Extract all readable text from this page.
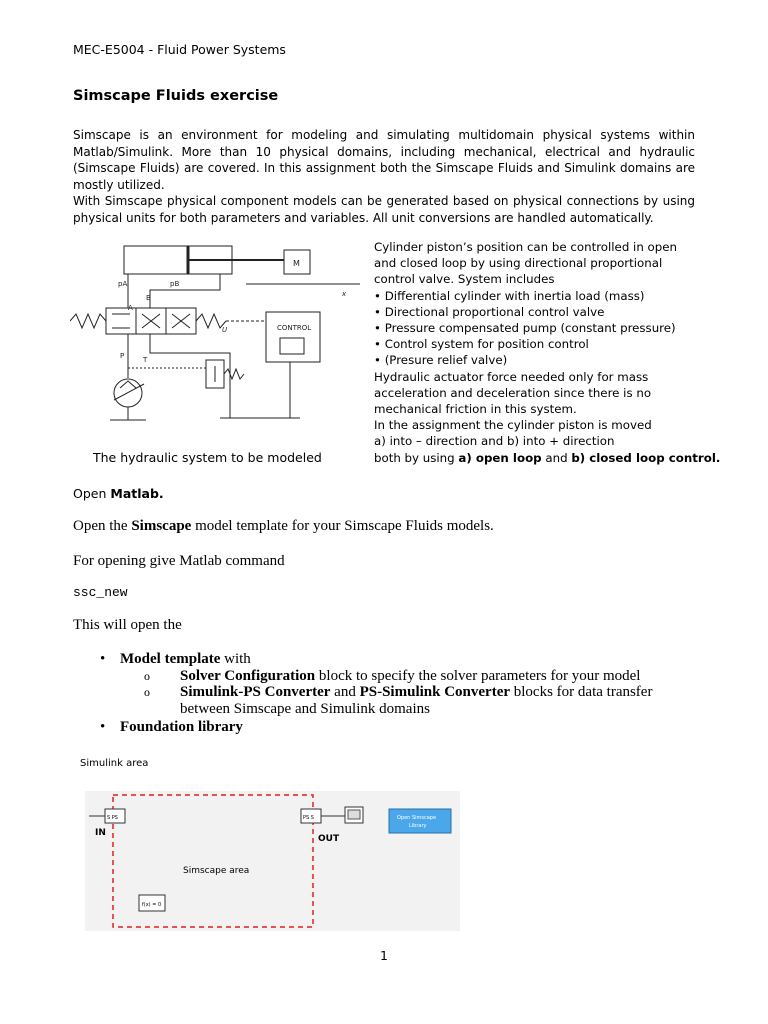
MEC-E5004 - Fluid Power Systems
Simscape Fluids exercise
Simscape is an environment for modeling and simulating multidomain physical systems within Matlab/Simulink. More than 10 physical domains, including mechanical, electrical and hydraulic (Simscape Fluids) are covered. In this assignment both the Simscape Fluids and Simulink domains are mostly utilized.
With Simscape physical component models can be generated based on physical connections by using physical units for both parameters and variables. All unit conversions are handled automatically.
M
pA	pB
x
A
B
U	CONTROL
P	T
The hydraulic system to be modeled
Cylinder piston’s position can be controlled in open
and closed loop by using directional proportional
control valve. System includes
• Differential cylinder with inertia load (mass)
• Directional proportional control valve
• Pressure compensated pump (constant pressure)
• Control system for position control
• (Presure relief valve)
Hydraulic actuator force needed only for mass
acceleration and deceleration since there is no
mechanical friction in this system.
In the assignment the cylinder piston is moved
a) into – direction and b) into + direction
both by using a) open loop and b) closed loop control.
Open Matlab.
Open the Simscape model template for your Simscape Fluids models.
For opening give Matlab command
ssc_new
This will open the
• Model template with
o Solver Configuration block to specify the solver parameters for your model
o Simulink-PS Converter and PS-Simulink Converter blocks for data transfer
between Simscape and Simulink domains
• Foundation library
Simulink area
S PS
IN
PS S
OUT
Open Simscape
Library
Simscape area
f(x) = 0
1
